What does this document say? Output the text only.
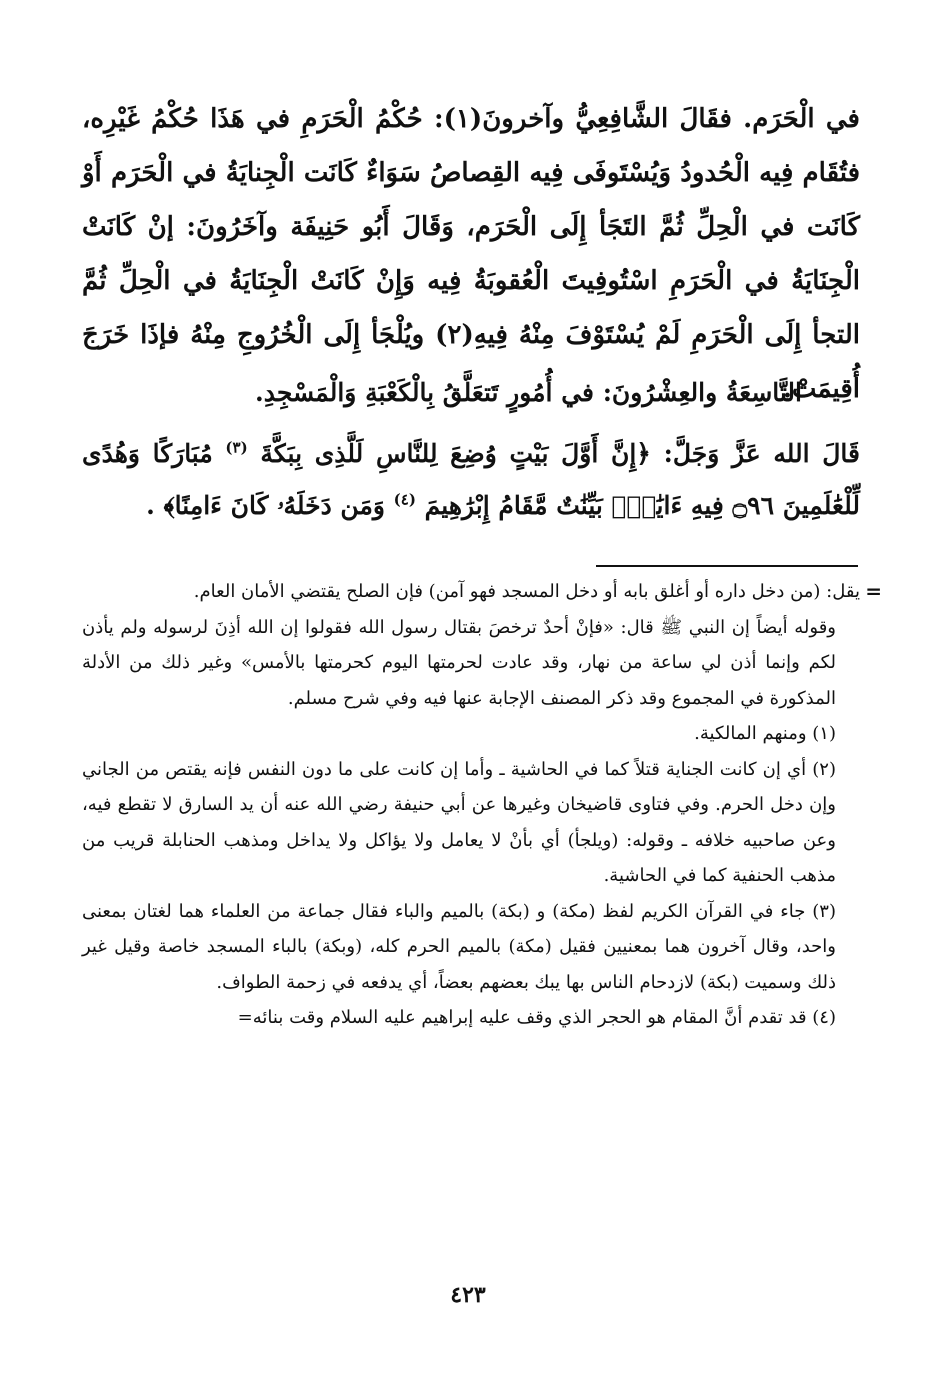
في الْحَرَم. فقَالَ الشَّافِعِيُّ وآخرونَ(١): حُكْمُ الْحَرَمِ في هَذَا حُكْمُ غَيْرِه، فتُقَام فِيه الْحُدودُ وَيُسْتَوفَى فِيه القِصاصُ سَوَاءٌ كَانَت الْجِنايَةُ في الْحَرَم أَوْ كَانَت في الْحِلِّ ثُمَّ التَجَأ إِلَى الْحَرَم، وَقَالَ أَبُو حَنِيفَة وآخَرُونَ: إنْ كَانَتْ الْجِنَايَةُ في الْحَرَمِ اسْتُوفِيتَ الْعُقوبَةُ فِيه وَإِنْ كَانَتْ الْجِنَايَةُ في الْحِلِّ ثُمَّ التجأ إِلَى الْحَرَمِ لَمْ يُسْتَوْفَ مِنْهُ فِيهِ(٢) ويُلْجَأ إِلَى الْخُرُوجِ مِنْهُ فإذَا خَرَجَ أُقِيمَتْ.

التَّاسِعَةُ والعِشْرُونَ: في أُمُورٍ تَتعَلَّقُ بِالْكَعْبَةِ وَالْمَسْجِدِ.
قَالَ الله عَزَّ وَجَلَّ: ﴿إِنَّ أَوَّلَ بَيْتٍ وُضِعَ لِلنَّاسِ لَلَّذِى بِبَكَّةَ $^{(٣)}$ مُبَارَكًا وَهُدًى لِّلْعَٰلَمِينَ ۝٩٦ فِيهِ ءَايَٰتٌۢ بَيِّنَٰتٌ مَّقَامُ إِبْرَٰهِيمَ $^{(٤)}$ وَمَن دَخَلَهُۥ كَانَ ءَامِنًا﴾ .

=
يقل: (من دخل داره أو أغلق بابه أو دخل المسجد فهو آمن) فإن الصلح يقتضي الأمان العام.

وقوله أيضاً إن النبي ﷺ قال: «فإنْ أحدٌ ترخصَ بقتال رسول الله فقولوا إن الله أذِنَ لرسوله ولم يأذن لكم وإنما أذن لي ساعة من نهار، وقد عادت لحرمتها اليوم كحرمتها بالأمس» وغير ذلك من الأدلة المذكورة في المجموع وقد ذكر المصنف الإجابة عنها فيه وفي شرح مسلم.

(١) ومنهم المالكية.

(٢) أي إن كانت الجناية قتلاً كما في الحاشية ـ وأما إن كانت على ما دون النفس فإنه يقتص من الجاني وإن دخل الحرم. وفي فتاوى قاضيخان وغيرها عن أبي حنيفة رضي الله عنه أن يد السارق لا تقطع فيه، وعن صاحبيه خلافه ـ وقوله: (ويلجأ) أي بأنْ لا يعامل ولا يؤاكل ولا يداخل ومذهب الحنابلة قريب من مذهب الحنفية كما في الحاشية.

(٣) جاء في القرآن الكريم لفظ (مكة) و (بكة) بالميم والباء فقال جماعة من العلماء هما لغتان بمعنى واحد، وقال آخرون هما بمعنيين فقيل (مكة) بالميم الحرم كله، (وبكة) بالباء المسجد خاصة وقيل غير ذلك وسميت (بكة) لازدحام الناس بها يبك بعضهم بعضاً، أي يدفعه في زحمة الطواف.

(٤) قد تقدم أنَّ المقام هو الحجر الذي وقف عليه إبراهيم عليه السلام وقت بنائه=

٤٢٣
